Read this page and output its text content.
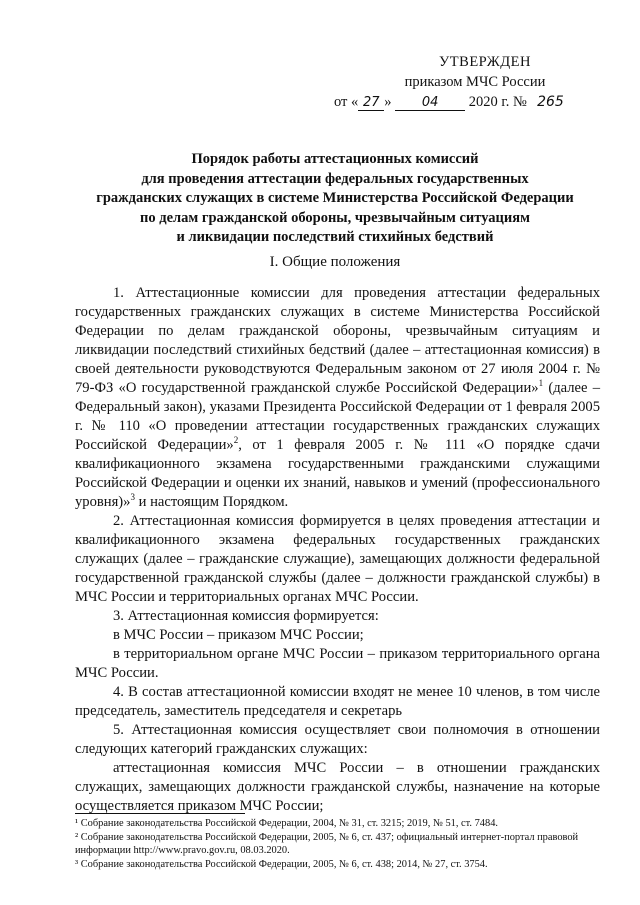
УТВЕРЖДЕН
приказом МЧС России
от « 27 » 04 2020 г. № 265
Порядок работы аттестационных комиссий
для проведения аттестации федеральных государственных
гражданских служащих в системе Министерства Российской Федерации
по делам гражданской обороны, чрезвычайным ситуациям
и ликвидации последствий стихийных бедствий
I. Общие положения

1. Аттестационные комиссии для проведения аттестации федеральных государственных гражданских служащих в системе Министерства Российской Федерации по делам гражданской обороны, чрезвычайным ситуациям и ликвидации последствий стихийных бедствий (далее – аттестационная комиссия) в своей деятельности руководствуются Федеральным законом от 27 июля 2004 г. № 79-ФЗ «О государственной гражданской службе Российской Федерации»$^1$ (далее – Федеральный закон), указами Президента Российской Федерации от 1 февраля 2005 г. № 110 «О проведении аттестации государственных гражданских служащих Российской Федерации»$^2$, от 1 февраля 2005 г. № 111 «О порядке сдачи квалификационного экзамена государственными гражданскими служащими Российской Федерации и оценки их знаний, навыков и умений (профессионального уровня)»$^3$ и настоящим Порядком.

2. Аттестационная комиссия формируется в целях проведения аттестации и квалификационного экзамена федеральных государственных гражданских служащих (далее – гражданские служащие), замещающих должности федеральной государственной гражданской службы (далее – должности гражданской службы) в МЧС России и территориальных органах МЧС России.

3. Аттестационная комиссия формируется:

в МЧС России – приказом МЧС России;

в территориальном органе МЧС России – приказом территориального органа МЧС России.

4. В состав аттестационной комиссии входят не менее 10 членов, в том числе председатель, заместитель председателя и секретарь

5. Аттестационная комиссия осуществляет свои полномочия в отношении следующих категорий гражданских служащих:

аттестационная комиссия МЧС России – в отношении гражданских служащих, замещающих должности гражданской службы, назначение на которые осуществляется приказом МЧС России;

¹ Собрание законодательства Российской Федерации, 2004, № 31, ст. 3215; 2019, № 51, ст. 7484.

² Собрание законодательства Российской Федерации, 2005, № 6, ст. 437; официальный интернет-портал правовой информации http://www.pravo.gov.ru, 08.03.2020.

³ Собрание законодательства Российской Федерации, 2005, № 6, ст. 438; 2014, № 27, ст. 3754.
